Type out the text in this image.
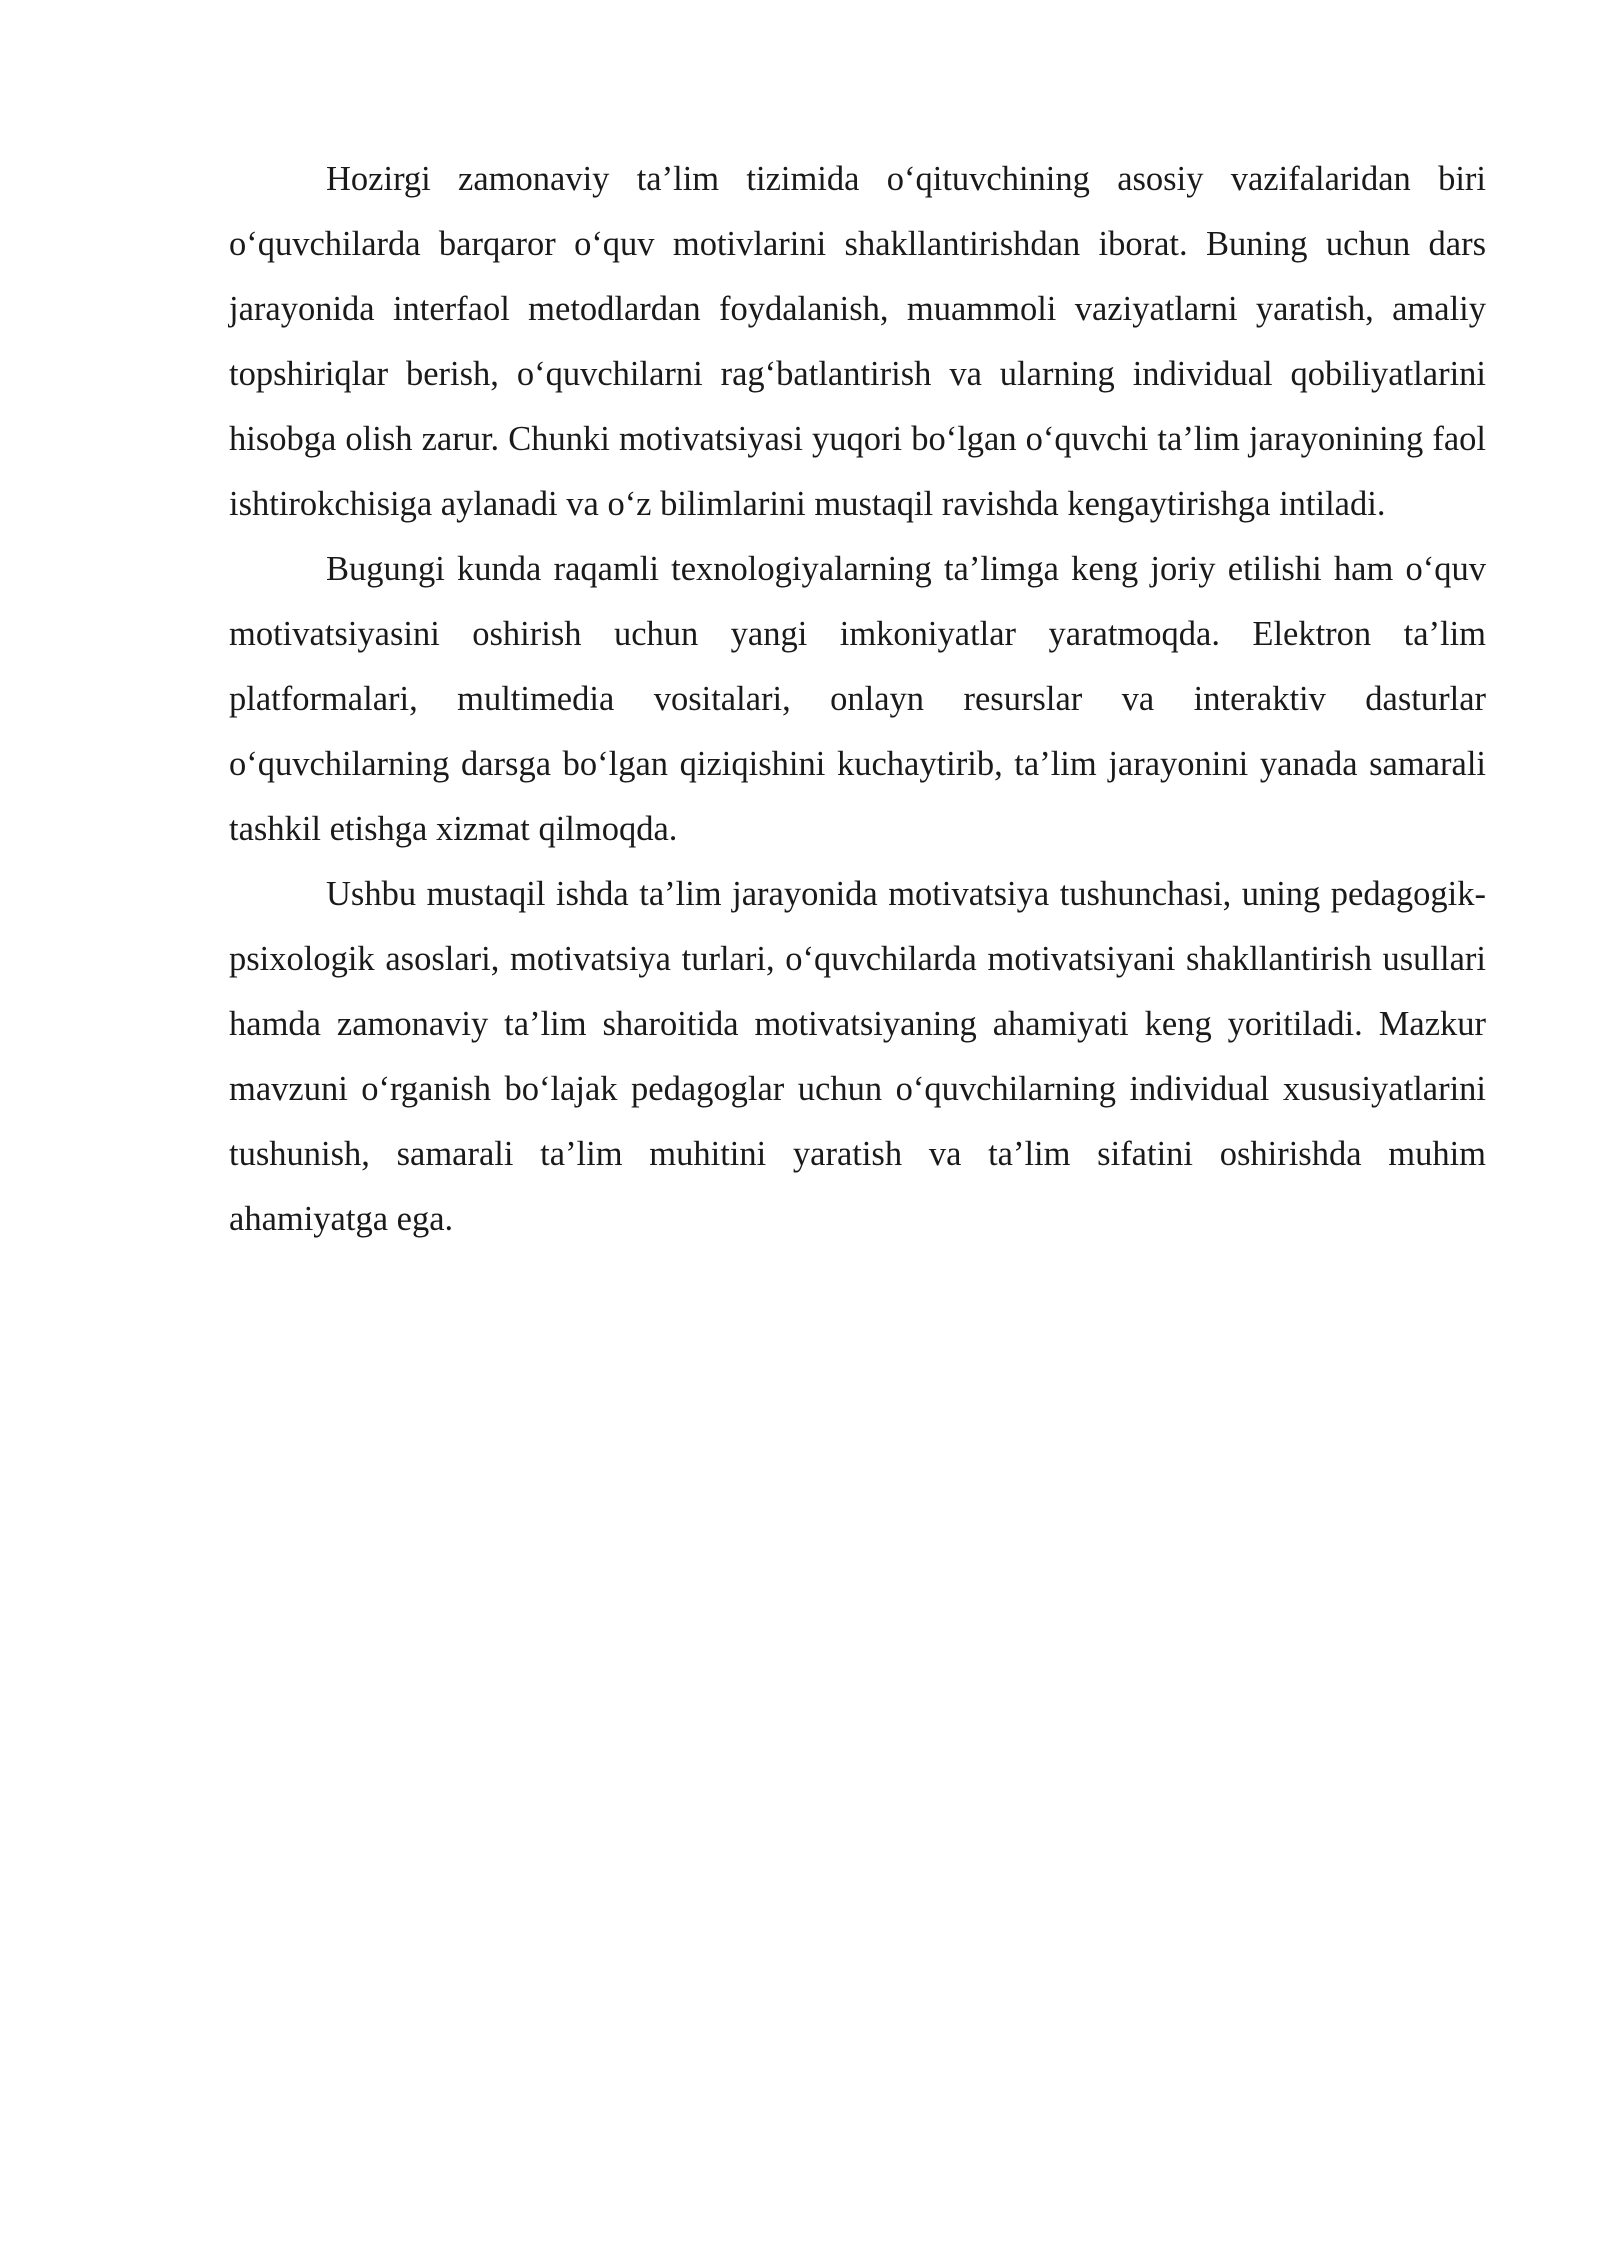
Hozirgi zamonaviy ta’lim tizimida o‘qituvchining asosiy vazifalaridan biri o‘quvchilarda barqaror o‘quv motivlarini shakllantirishdan iborat. Buning uchun dars jarayonida interfaol metodlardan foydalanish, muammoli vaziyatlarni yaratish, amaliy topshiriqlar berish, o‘quvchilarni rag‘batlantirish va ularning individual qobiliyatlarini hisobga olish zarur. Chunki motivatsiyasi yuqori bo‘lgan o‘quvchi ta’lim jarayonining faol ishtirokchisiga aylanadi va o‘z bilimlarini mustaqil ravishda kengaytirishga intiladi.

Bugungi kunda raqamli texnologiyalarning ta’limga keng joriy etilishi ham o‘quv motivatsiyasini oshirish uchun yangi imkoniyatlar yaratmoqda. Elektron ta’lim platformalari, multimedia vositalari, onlayn resurslar va interaktiv dasturlar o‘quvchilarning darsga bo‘lgan qiziqishini kuchaytirib, ta’lim jarayonini yanada samarali tashkil etishga xizmat qilmoqda.

Ushbu mustaqil ishda ta’lim jarayonida motivatsiya tushunchasi, uning pedagogik-psixologik asoslari, motivatsiya turlari, o‘quvchilarda motivatsiyani shakllantirish usullari hamda zamonaviy ta’lim sharoitida motivatsiyaning ahamiyati keng yoritiladi. Mazkur mavzuni o‘rganish bo‘lajak pedagoglar uchun o‘quvchilarning individual xususiyatlarini tushunish, samarali ta’lim muhitini yaratish va ta’lim sifatini oshirishda muhim ahamiyatga ega.
